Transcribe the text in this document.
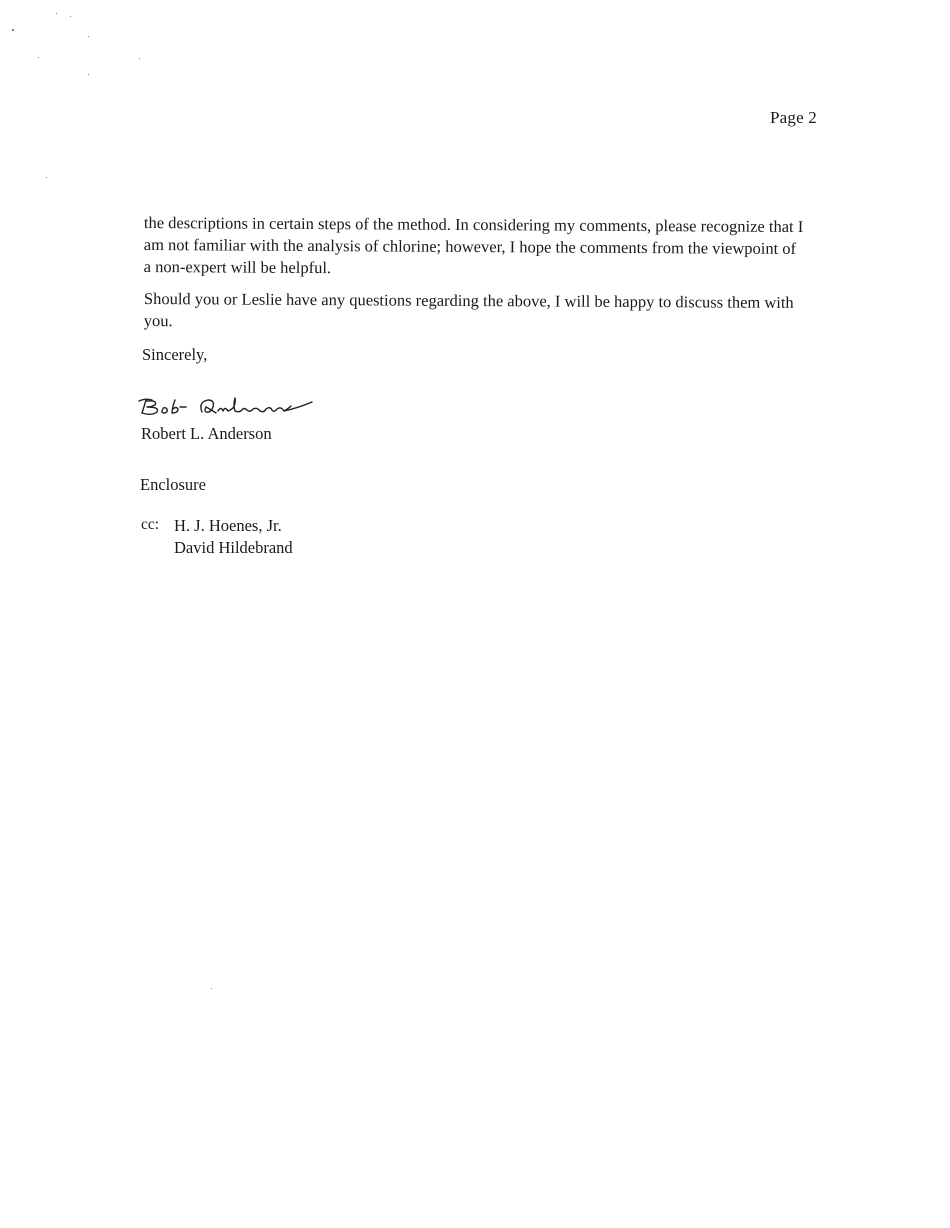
Page 2

the descriptions in certain steps of the method. In considering my comments, please recognize that I am not familiar with the analysis of chlorine; however, I hope the comments from the viewpoint of a non-expert will be helpful.

Should you or Leslie have any questions regarding the above, I will be happy to discuss them with you.

Sincerely,
Robert L. Anderson
Enclosure
cc: H. J. Hoenes, Jr.
David Hildebrand
